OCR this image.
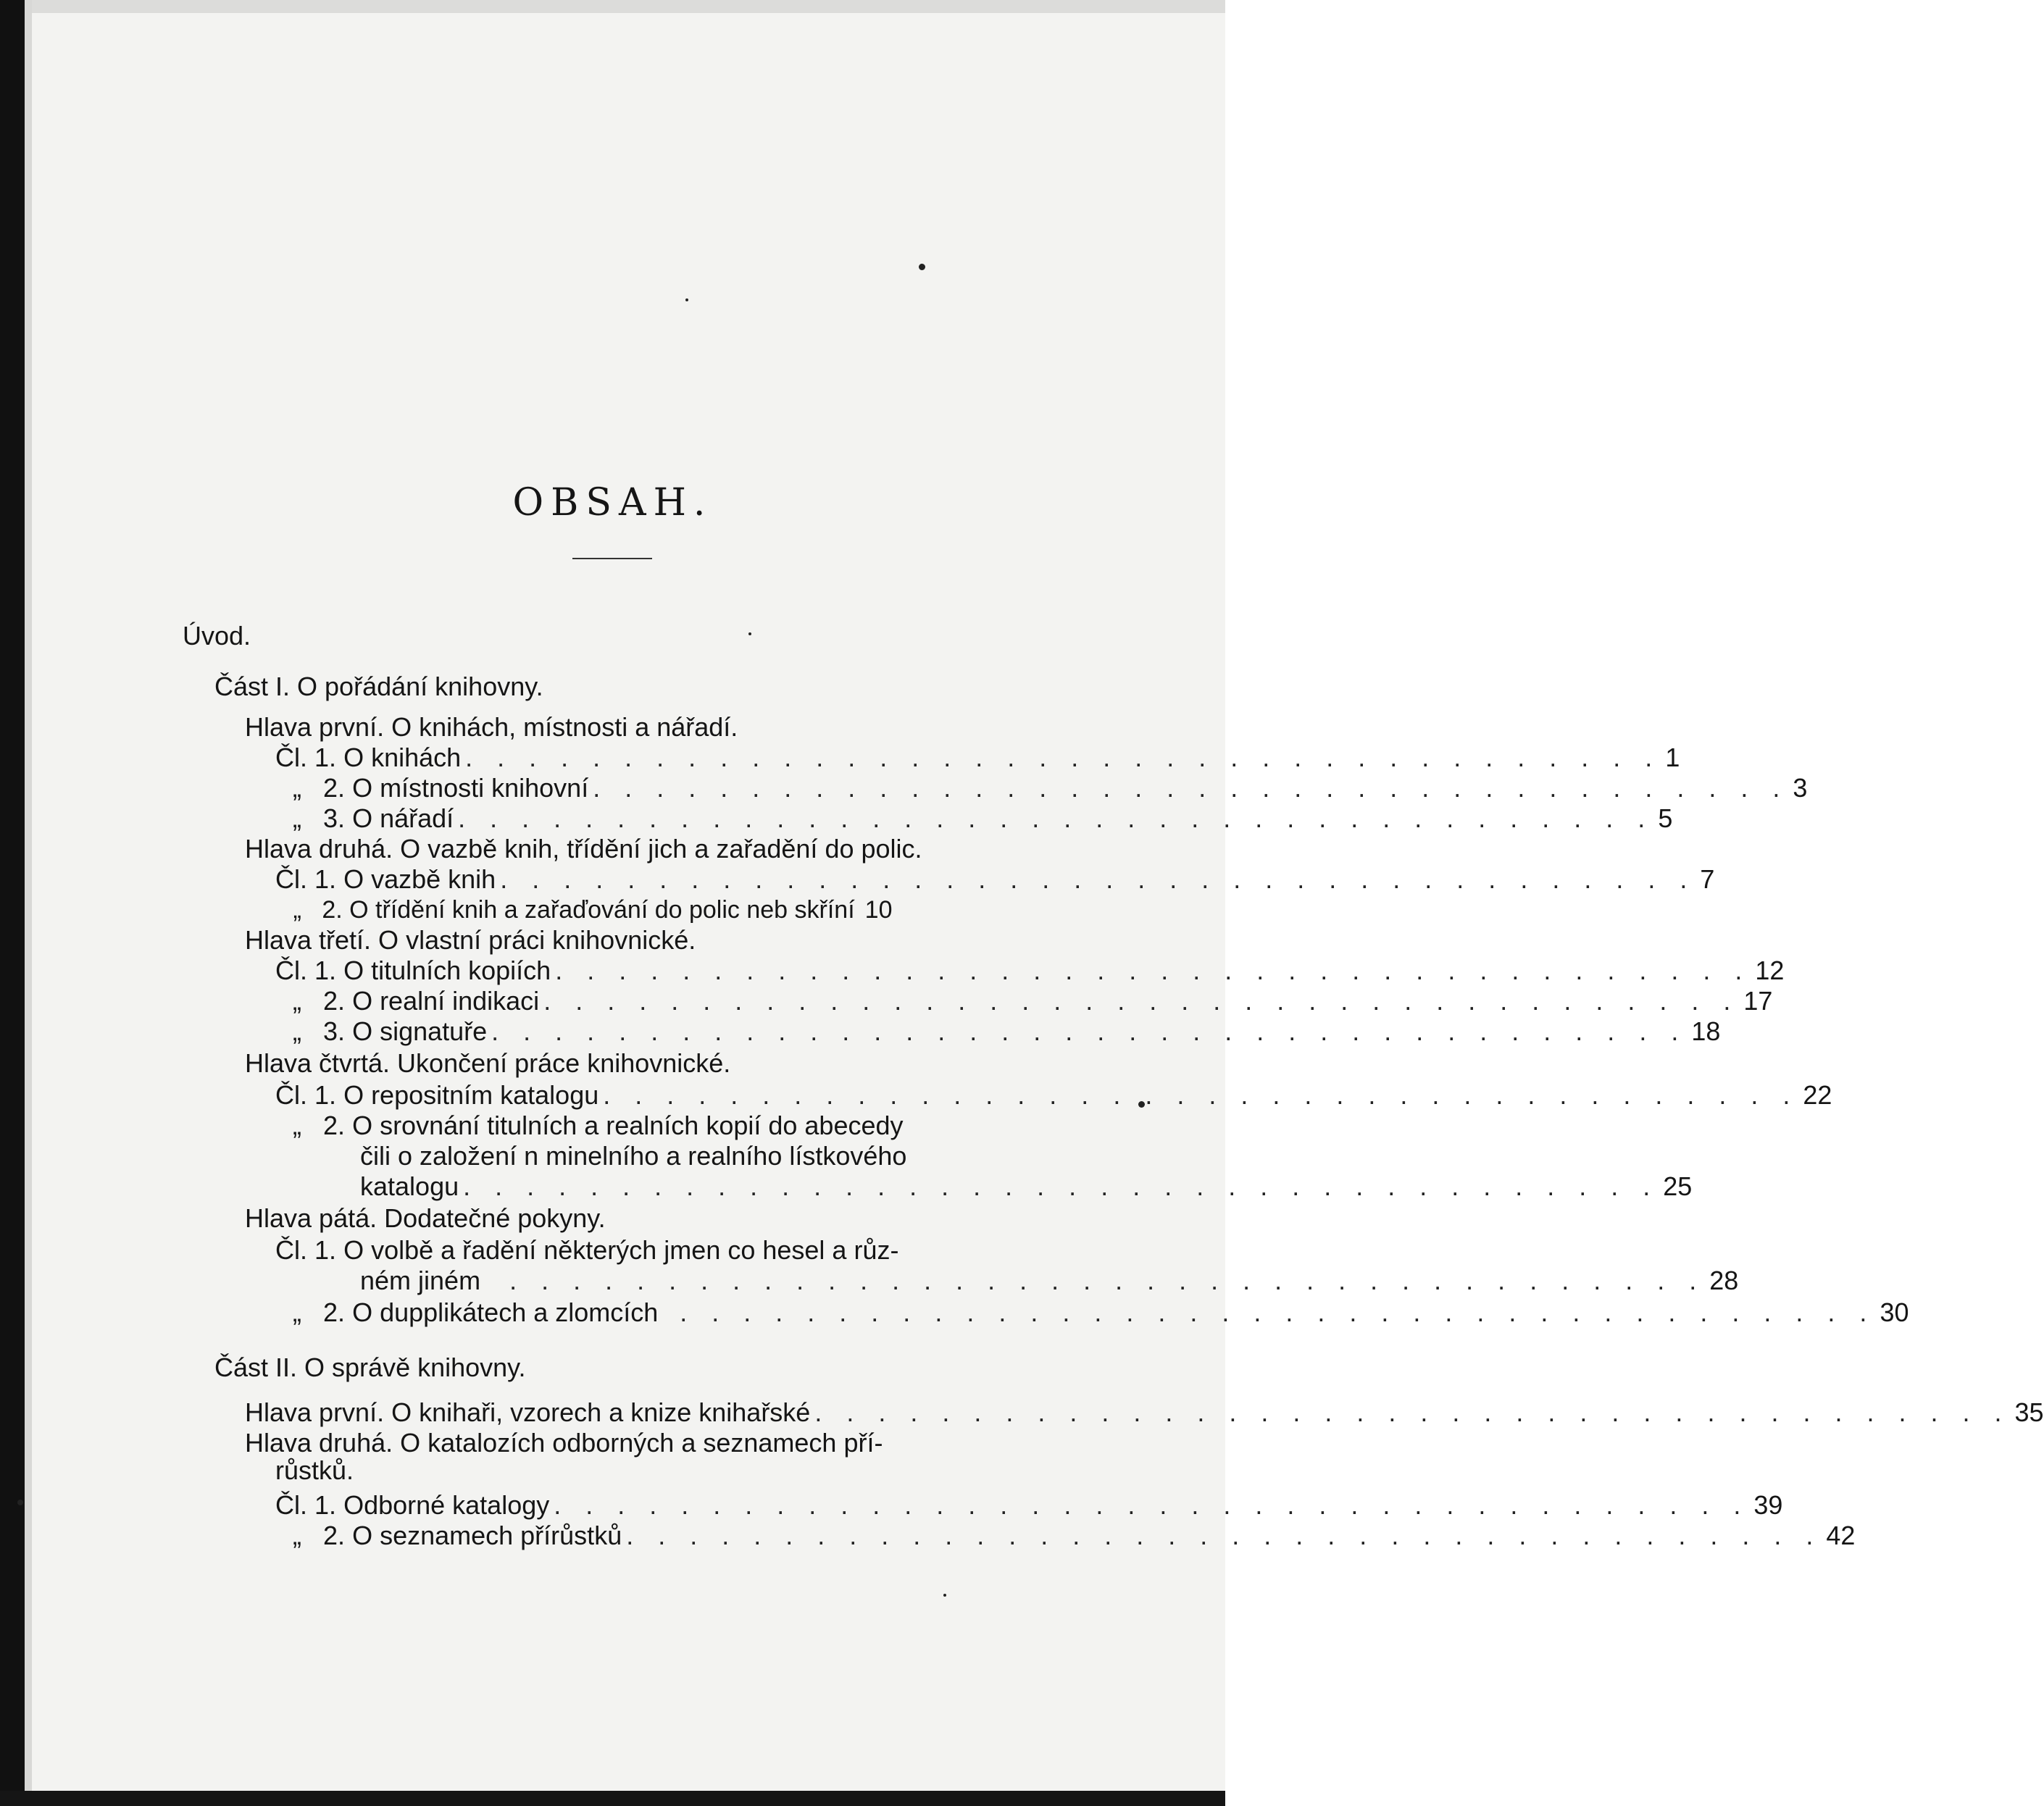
OBSAH.
Úvod.
Část I. O pořádání knihovny.
Hlava první. O knihách, místnosti a nářadí.
Čl. 1. O knihách . . . . . . . . . . . . . . . . . . . . . . . . . . . . . . . . . . . . . . 1
„ 2. O místnosti knihovní . . . . . . . . . . . . . . . . . . . . . . . . . . . . . . . . . . . . . . 3
„ 3. O nářadí . . . . . . . . . . . . . . . . . . . . . . . . . . . . . . . . . . . . . . 5
Hlava druhá. O vazbě knih, třídění jich a zařadění do polic.
Čl. 1. O vazbě knih . . . . . . . . . . . . . . . . . . . . . . . . . . . . . . . . . . . . . . 7
„ 2. O třídění knih a zařaďování do polic neb skříní 10
Hlava třetí. O vlastní práci knihovnické.
Čl. 1. O titulních kopiích . . . . . . . . . . . . . . . . . . . . . . . . . . . . . . . . . . . . . . 12
„ 2. O realní indikaci . . . . . . . . . . . . . . . . . . . . . . . . . . . . . . . . . . . . . . 17
„ 3. O signatuře . . . . . . . . . . . . . . . . . . . . . . . . . . . . . . . . . . . . . . 18
Hlava čtvrtá. Ukončení práce knihovnické.
Čl. 1. O repositním katalogu . . . . . . . . . . . . . . . . . . . . . . . . . . . . . . . . . . . . . . 22
„ 2. O srovnání titulních a realních kopií do abecedy
čili o založení n minelního a realního lístkového
katalogu . . . . . . . . . . . . . . . . . . . . . . . . . . . . . . . . . . . . . . 25
Hlava pátá. Dodatečné pokyny.
Čl. 1. O volbě a řadění některých jmen co hesel a růz-
ném jiném	. . . . . . . . . . . . . . . . . . . . . . . . . . . . . . . . . . . . . . 28
„ 2. O dupplikátech a zlomcích . . . . . . . . . . . . . . . . . . . . . . . . . . . . . . . . . . . . . . 30
Část II. O správě knihovny.
Hlava první. O knihaři, vzorech a knize knihařské . . . . . . . . . . . . . . . . . . . . . . . . . . . . . . . . . . . . . . 35
Hlava druhá. O katalozích odborných a seznamech pří-
růstků.
Čl. 1. Odborné katalogy . . . . . . . . . . . . . . . . . . . . . . . . . . . . . . . . . . . . . . 39
„ 2. O seznamech přírůstků . . . . . . . . . . . . . . . . . . . . . . . . . . . . . . . . . . . . . . 42
